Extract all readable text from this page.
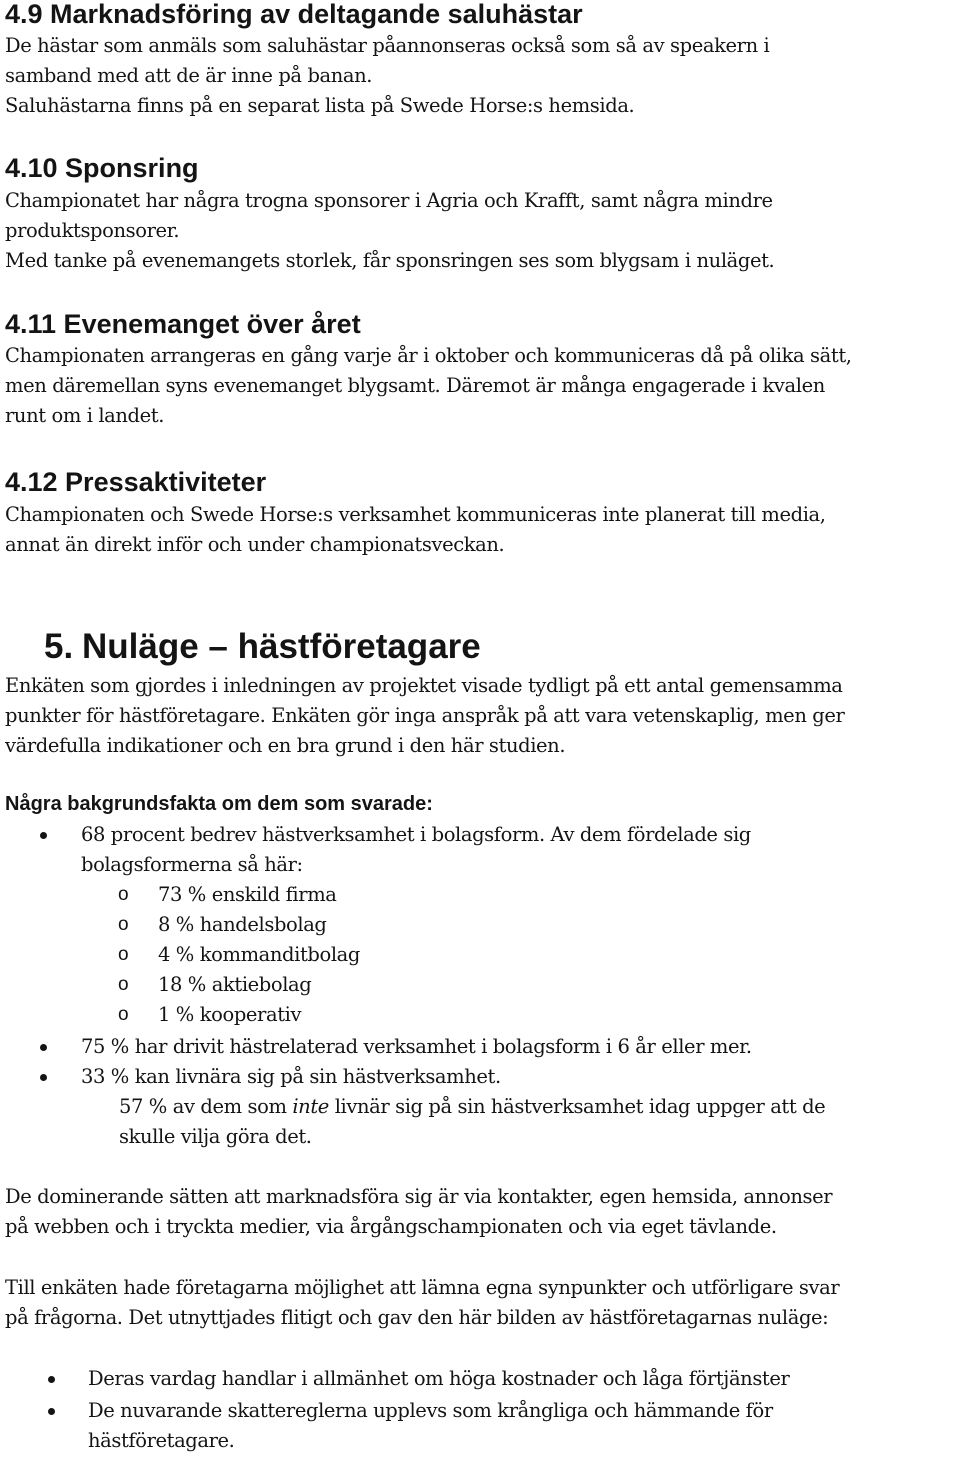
4.9 Marknadsföring av deltagande saluhästar
De hästar som anmäls som saluhästar påannonseras också som så av speakern i
samband med att de är inne på banan.
Saluhästarna finns på en separat lista på Swede Horse:s hemsida.
4.10 Sponsring
Championatet har några trogna sponsorer i Agria och Krafft, samt några mindre
produktsponsorer.
Med tanke på evenemangets storlek, får sponsringen ses som blygsam i nuläget.
4.11 Evenemanget över året
Championaten arrangeras en gång varje år i oktober och kommuniceras då på olika sätt,
men däremellan syns evenemanget blygsamt. Däremot är många engagerade i kvalen
runt om i landet.
4.12 Pressaktiviteter
Championaten och Swede Horse:s verksamhet kommuniceras inte planerat till media,
annat än direkt inför och under championatsveckan.
5. Nuläge – hästföretagare
Enkäten som gjordes i inledningen av projektet visade tydligt på ett antal gemensamma
punkter för hästföretagare. Enkäten gör inga anspråk på att vara vetenskaplig, men ger
värdefulla indikationer och en bra grund i den här studien.
Några bakgrundsfakta om dem som svarade:
68 procent bedrev hästverksamhet i bolagsform. Av dem fördelade sig
bolagsformerna så här:
o 73 % enskild firma
o 8 % handelsbolag
o 4 % kommanditbolag
o 18 % aktiebolag
o 1 % kooperativ
75 % har drivit hästrelaterad verksamhet i bolagsform i 6 år eller mer.
33 % kan livnära sig på sin hästverksamhet.
57 % av dem som inte livnär sig på sin hästverksamhet idag uppger att de
skulle vilja göra det.
De dominerande sätten att marknadsföra sig är via kontakter, egen hemsida, annonser
på webben och i tryckta medier, via årgångschampionaten och via eget tävlande.
Till enkäten hade företagarna möjlighet att lämna egna synpunkter och utförligare svar
på frågorna. Det utnyttjades flitigt och gav den här bilden av hästföretagarnas nuläge:
Deras vardag handlar i allmänhet om höga kostnader och låga förtjänster
De nuvarande skattereglerna upplevs som krångliga och hämmande för
hästföretagare.
